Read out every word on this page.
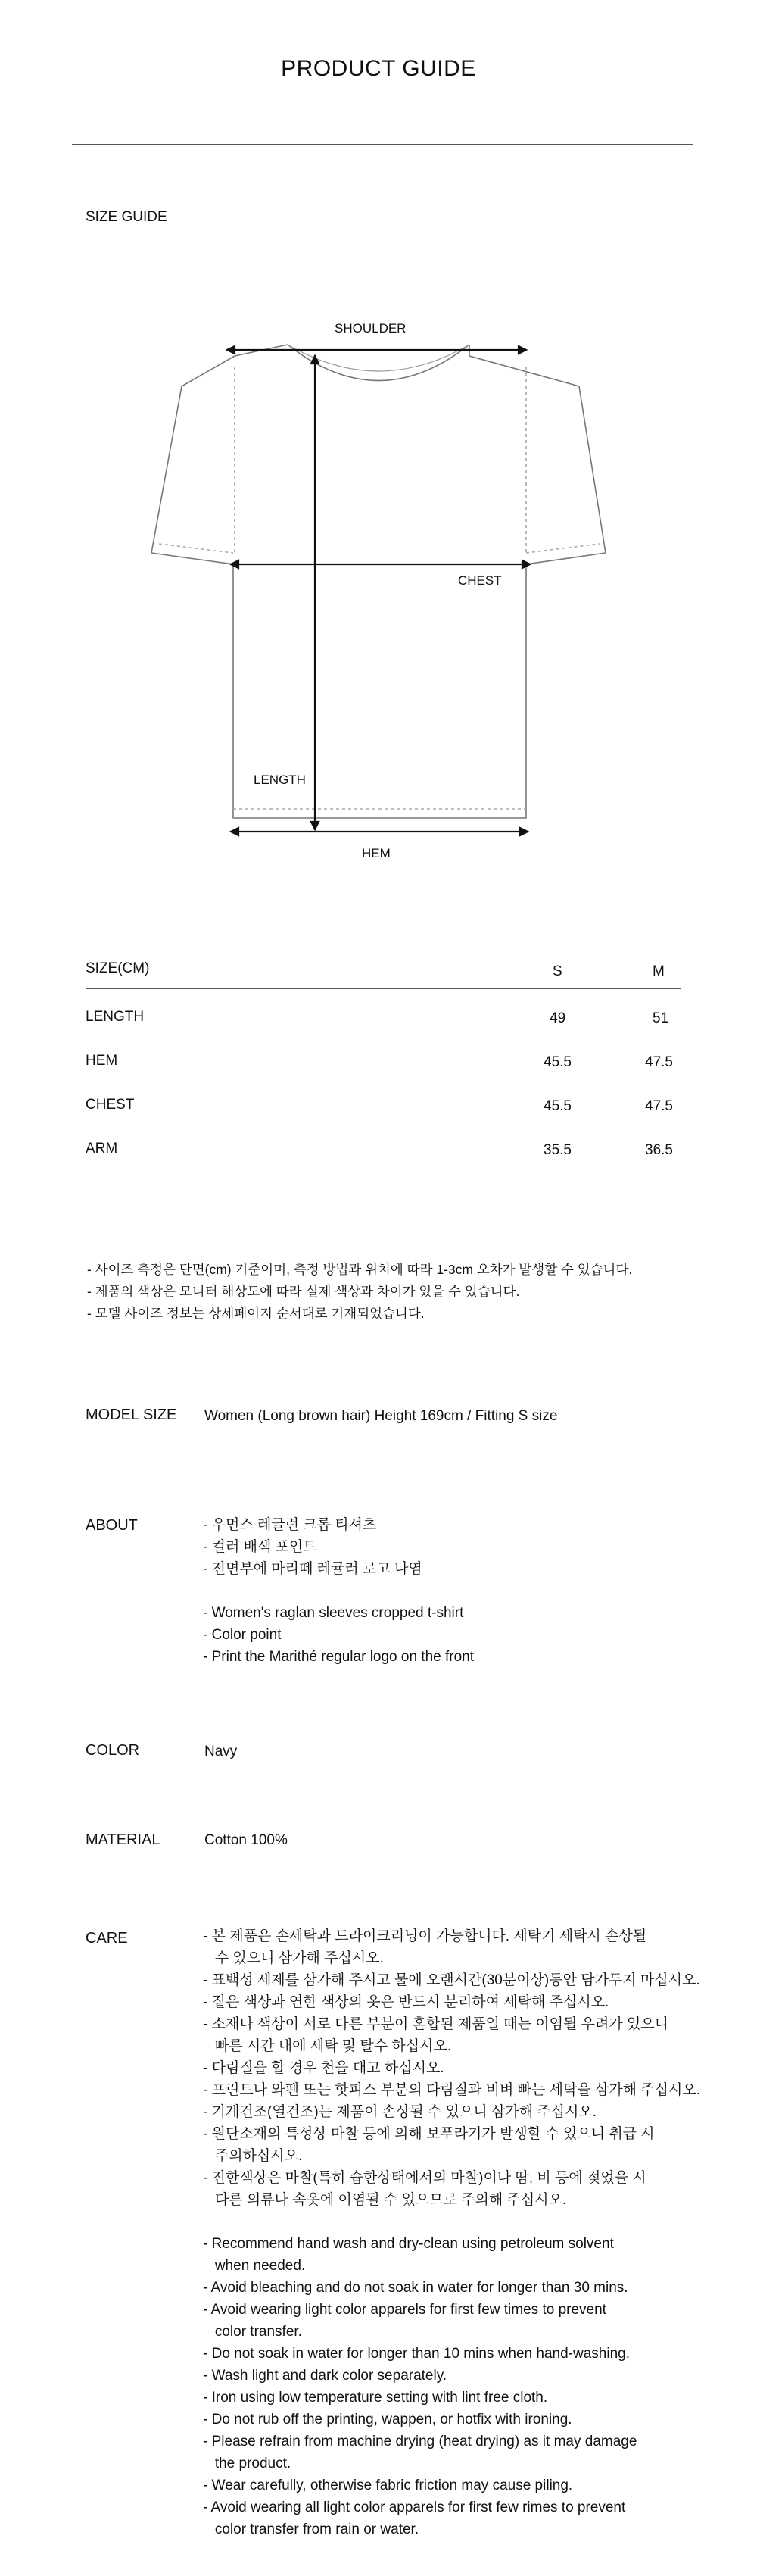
PRODUCT GUIDE
SIZE GUIDE
SHOULDER
CHEST
LENGTH
HEM
SIZE(CM)	S	M
LENGTH	49	51
HEM	45.5	47.5
CHEST	45.5	47.5
ARM	35.5	36.5
- 사이즈 측정은 단면(cm) 기준이며, 측정 방법과 위치에 따라 1-3cm 오차가 발생할 수 있습니다.
- 제품의 색상은 모니터 해상도에 따라 실제 색상과 차이가 있을 수 있습니다.
- 모델 사이즈 정보는 상세페이지 순서대로 기재되었습니다.
MODEL SIZE Women (Long brown hair) Height 169cm / Fitting S size
ABOUT	- 우먼스 레글런 크롭 티셔츠
- 컬러 배색 포인트
- 전면부에 마리떼 레귤러 로고 나염
- Women's raglan sleeves cropped t-shirt
- Color point
- Print the Marithé regular logo on the front
COLOR	Navy
MATERIAL	Cotton 100%
CARE	- 본 제품은 손세탁과 드라이크리닝이 가능합니다. 세탁기 세탁시 손상될
수 있으니 삼가해 주십시오.
- 표백성 세제를 삼가해 주시고 물에 오랜시간(30분이상)동안 담가두지 마십시오.
- 짙은 색상과 연한 색상의 옷은 반드시 분리하여 세탁해 주십시오.
- 소재나 색상이 서로 다른 부분이 혼합된 제품일 때는 이염될 우려가 있으니
빠른 시간 내에 세탁 및 탈수 하십시오.
- 다림질을 할 경우 천을 대고 하십시오.
- 프린트나 와펜 또는 핫피스 부분의 다림질과 비벼 빠는 세탁을 삼가해 주십시오.
- 기계건조(열건조)는 제품이 손상될 수 있으니 삼가해 주십시오.
- 원단소재의 특성상 마찰 등에 의해 보푸라기가 발생할 수 있으니 취급 시
주의하십시오.
- 진한색상은 마찰(특히 습한상태에서의 마찰)이나 땀, 비 등에 젖었을 시
다른 의류나 속옷에 이염될 수 있으므로 주의해 주십시오.
- Recommend hand wash and dry-clean using petroleum solvent
when needed.
- Avoid bleaching and do not soak in water for longer than 30 mins.
- Avoid wearing light color apparels for first few times to prevent
color transfer.
- Do not soak in water for longer than 10 mins when hand-washing.
- Wash light and dark color separately.
- Iron using low temperature setting with lint free cloth.
- Do not rub off the printing, wappen, or hotfix with ironing.
- Please refrain from machine drying (heat drying) as it may damage
the product.
- Wear carefully, otherwise fabric friction may cause piling.
- Avoid wearing all light color apparels for first few rimes to prevent
color transfer from rain or water.
